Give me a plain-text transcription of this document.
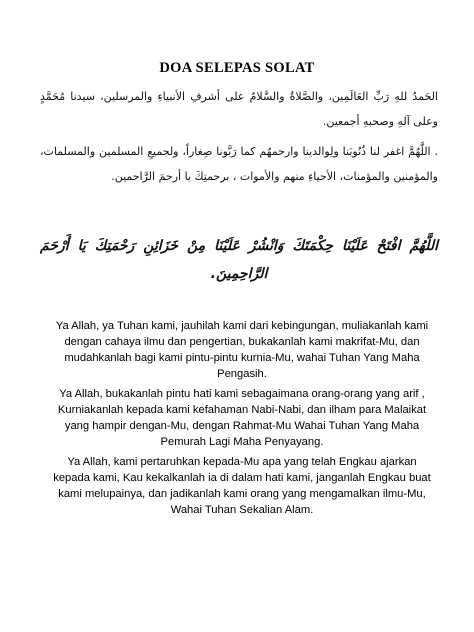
DOA SELEPAS SOLAT
الحَمدُ للهِ رَبِّ العَالَمِين، والصَّلاةُ والسَّلامُ على أشرفِ الأنبياءِ والمرسلين، سيدنا مُحَمَّدٍ وعلى آلهِ وصحبهِ أجمعين.
. اللَّهُمَّ اغفر لنا ذُنُوبَنا ولِوالدينا وارحمهُم كما رَبَّونا صِغاراً، ولجميعِ المسلمين والمسلمات، والمؤمنين والمؤمنات، الأحياءِ منهم والأموات ، برحمتِكَ يا أرحمَ الرَّاحمين.
اللَّهُمَّ افْتَحْ عَلَيْنَا حِكْمَتَكَ وَانْشُرْ عَلَيْنَا مِنْ خَزَائِنِ رَحْمَتِكَ يَا أَرْحَمَ الرَّاحِمِينَ.
Ya Allah, ya Tuhan kami, jauhilah kami dari kebingungan, muliakanlah kami dengan cahaya ilmu dan pengertian, bukakanlah kami makrifat-Mu, dan mudahkanlah bagi kami pintu-pintu kurnia-Mu, wahai Tuhan Yang Maha Pengasih.
Ya Allah, bukakanlah pintu hati kami sebagaimana orang-orang yang arif , Kurniakanlah kepada kami kefahaman Nabi-Nabi, dan ilham para Malaikat yang hampir dengan-Mu, dengan Rahmat-Mu Wahai Tuhan Yang Maha Pemurah Lagi Maha Penyayang.
Ya Allah, kami pertaruhkan kepada-Mu apa yang telah Engkau ajarkan kepada kami, Kau kekalkanlah ia di dalam hati kami, janganlah Engkau buat kami melupainya, dan jadikanlah kami orang yang mengamalkan ilmu-Mu, Wahai Tuhan Sekalian Alam.
